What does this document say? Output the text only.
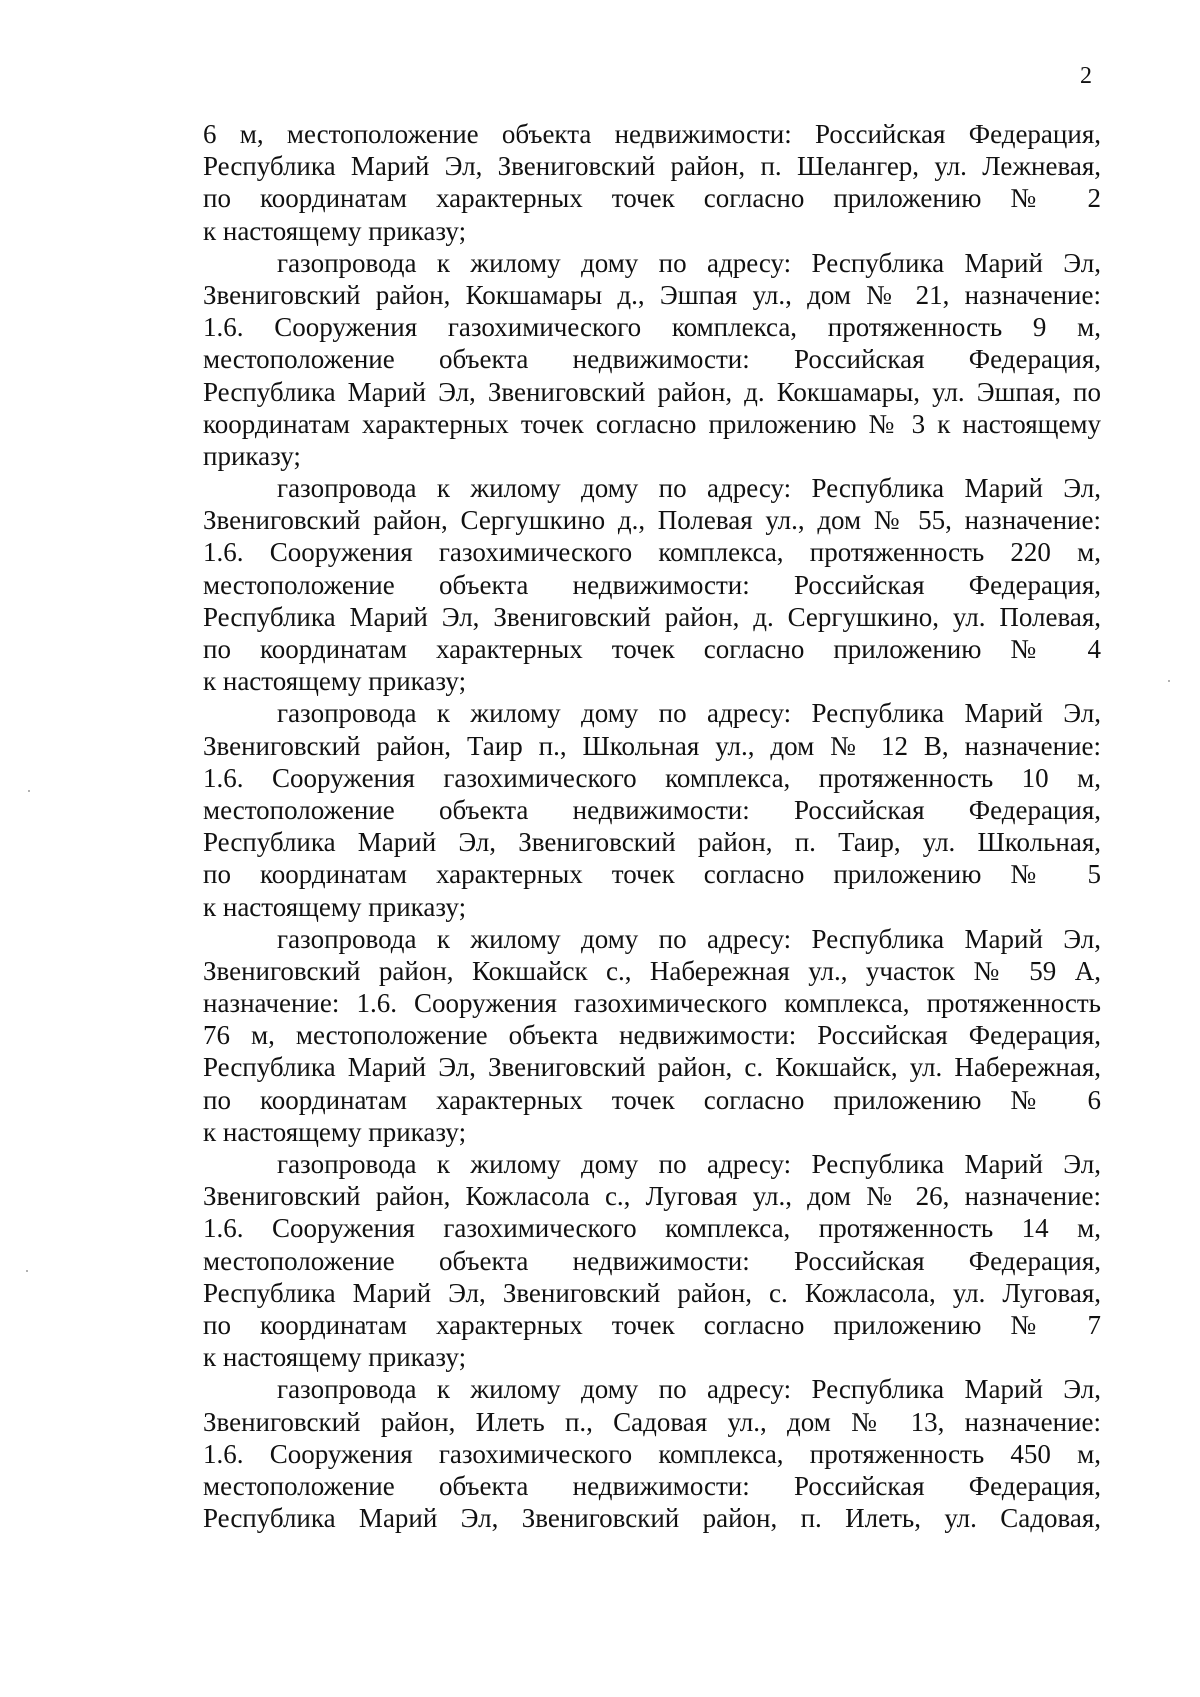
2
6 м, местоположение объекта недвижимости: Российская Федерация,
Республика Марий Эл, Звениговский район, п. Шелангер, ул. Лежневая,
по координатам характерных точек согласно приложению № 2
к настоящему приказу;
газопровода к жилому дому по адресу: Республика Марий Эл,
Звениговский район, Кокшамары д., Эшпая ул., дом № 21, назначение:
1.6. Сооружения газохимического комплекса, протяженность 9 м,
местоположение объекта недвижимости: Российская Федерация,
Республика Марий Эл, Звениговский район, д. Кокшамары, ул. Эшпая, по
координатам характерных точек согласно приложению № 3 к настоящему
приказу;
газопровода к жилому дому по адресу: Республика Марий Эл,
Звениговский район, Сергушкино д., Полевая ул., дом № 55, назначение:
1.6. Сооружения газохимического комплекса, протяженность 220 м,
местоположение объекта недвижимости: Российская Федерация,
Республика Марий Эл, Звениговский район, д. Сергушкино, ул. Полевая,
по координатам характерных точек согласно приложению № 4
к настоящему приказу;
газопровода к жилому дому по адресу: Республика Марий Эл,
Звениговский район, Таир п., Школьная ул., дом № 12 В, назначение:
1.6. Сооружения газохимического комплекса, протяженность 10 м,
местоположение объекта недвижимости: Российская Федерация,
Республика Марий Эл, Звениговский район, п. Таир, ул. Школьная,
по координатам характерных точек согласно приложению № 5
к настоящему приказу;
газопровода к жилому дому по адресу: Республика Марий Эл,
Звениговский район, Кокшайск с., Набережная ул., участок № 59 А,
назначение: 1.6. Сооружения газохимического комплекса, протяженность
76 м, местоположение объекта недвижимости: Российская Федерация,
Республика Марий Эл, Звениговский район, с. Кокшайск, ул. Набережная,
по координатам характерных точек согласно приложению № 6
к настоящему приказу;
газопровода к жилому дому по адресу: Республика Марий Эл,
Звениговский район, Кожласола с., Луговая ул., дом № 26, назначение:
1.6. Сооружения газохимического комплекса, протяженность 14 м,
местоположение объекта недвижимости: Российская Федерация,
Республика Марий Эл, Звениговский район, с. Кожласола, ул. Луговая,
по координатам характерных точек согласно приложению № 7
к настоящему приказу;
газопровода к жилому дому по адресу: Республика Марий Эл,
Звениговский район, Илеть п., Садовая ул., дом № 13, назначение:
1.6. Сооружения газохимического комплекса, протяженность 450 м,
местоположение объекта недвижимости: Российская Федерация,
Республика Марий Эл, Звениговский район, п. Илеть, ул. Садовая,
